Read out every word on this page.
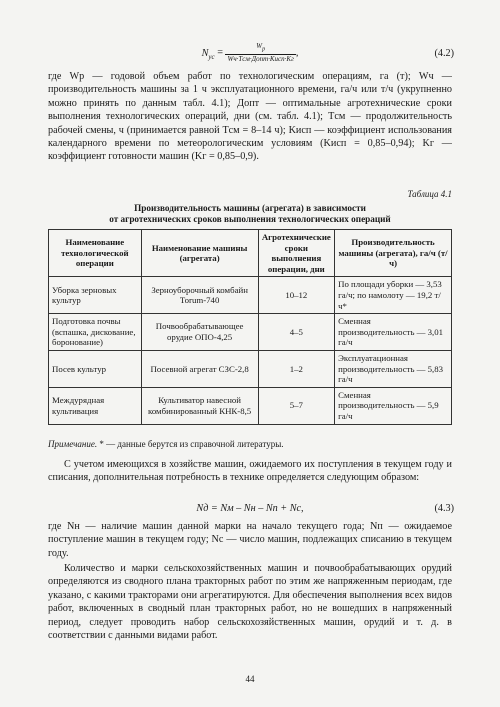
$N_{ус} = \frac{W_р}{\text{Wч·Tсм·Допт·Kисп·Kг}}$ ,	(4.2)

где Wр — годовой объем работ по технологическим операциям, га (т); Wч — производительность машины за 1 ч эксплуатационного времени, га/ч или т/ч (укрупненно можно принять по данным табл. 4.1); Допт — оптимальные агротехнические сроки выполнения технологических операций, дни (см. табл. 4.1); Tсм — продолжительность рабочей смены, ч (принимается равной Tсм = 8–14 ч); Kисп — коэффициент использования календарного времени по метеорологическим условиям (Kисп = 0,85–0,94); Kг — коэффициент готовности машин (Kг = 0,85–0,9).

Таблица 4.1
Производительность машины (агрегата) в зависимости
от агротехнических сроков выполнения технологических операций
Наименование технологической операции	Наименование машины (агрегата)	Агротехнические сроки выполнения операции, дни	Производительность машины (агрегата), га/ч (т/ч)
Уборка зерновых культур	Зерноуборочный комбайн Torum-740	10–12	По площади уборки — 3,53 га/ч; по намолоту — 19,2 т/ч*
Подготовка почвы (вспашка, дискование, боронование)	Почвообрабатывающее орудие ОПО-4,25	4–5	Сменная производительность — 3,01 га/ч
Посев культур	Посевной агрегат СЗС-2,8	1–2	Эксплуатационная производительность — 5,83 га/ч
Междурядная культивация	Культиватор навесной комбинированный КНК-8,5	5–7	Сменная производительность — 5,9 га/ч
Примечание. * — данные берутся из справочной литературы.

С учетом имеющихся в хозяйстве машин, ожидаемого их поступления в текущем году и списания, дополнительная потребность в технике определяется следующим образом:

Nд = Nм – Nн – Nп + Nс,	(4.3)

где Nн — наличие машин данной марки на начало текущего года; Nп — ожидаемое поступление машин в текущем году; Nс — число машин, подлежащих списанию в текущем году.

Количество и марки сельскохозяйственных машин и почвообрабатывающих орудий определяются из сводного плана тракторных работ по этим же напряженным периодам, где указано, с какими тракторами они агрегатируются. Для обеспечения выполнения всех видов работ, включенных в сводный план тракторных работ, но не вошедших в напряженный период, следует проводить набор сельскохозяйственных машин, орудий и т. д. в соответствии с данными видами работ.

44
